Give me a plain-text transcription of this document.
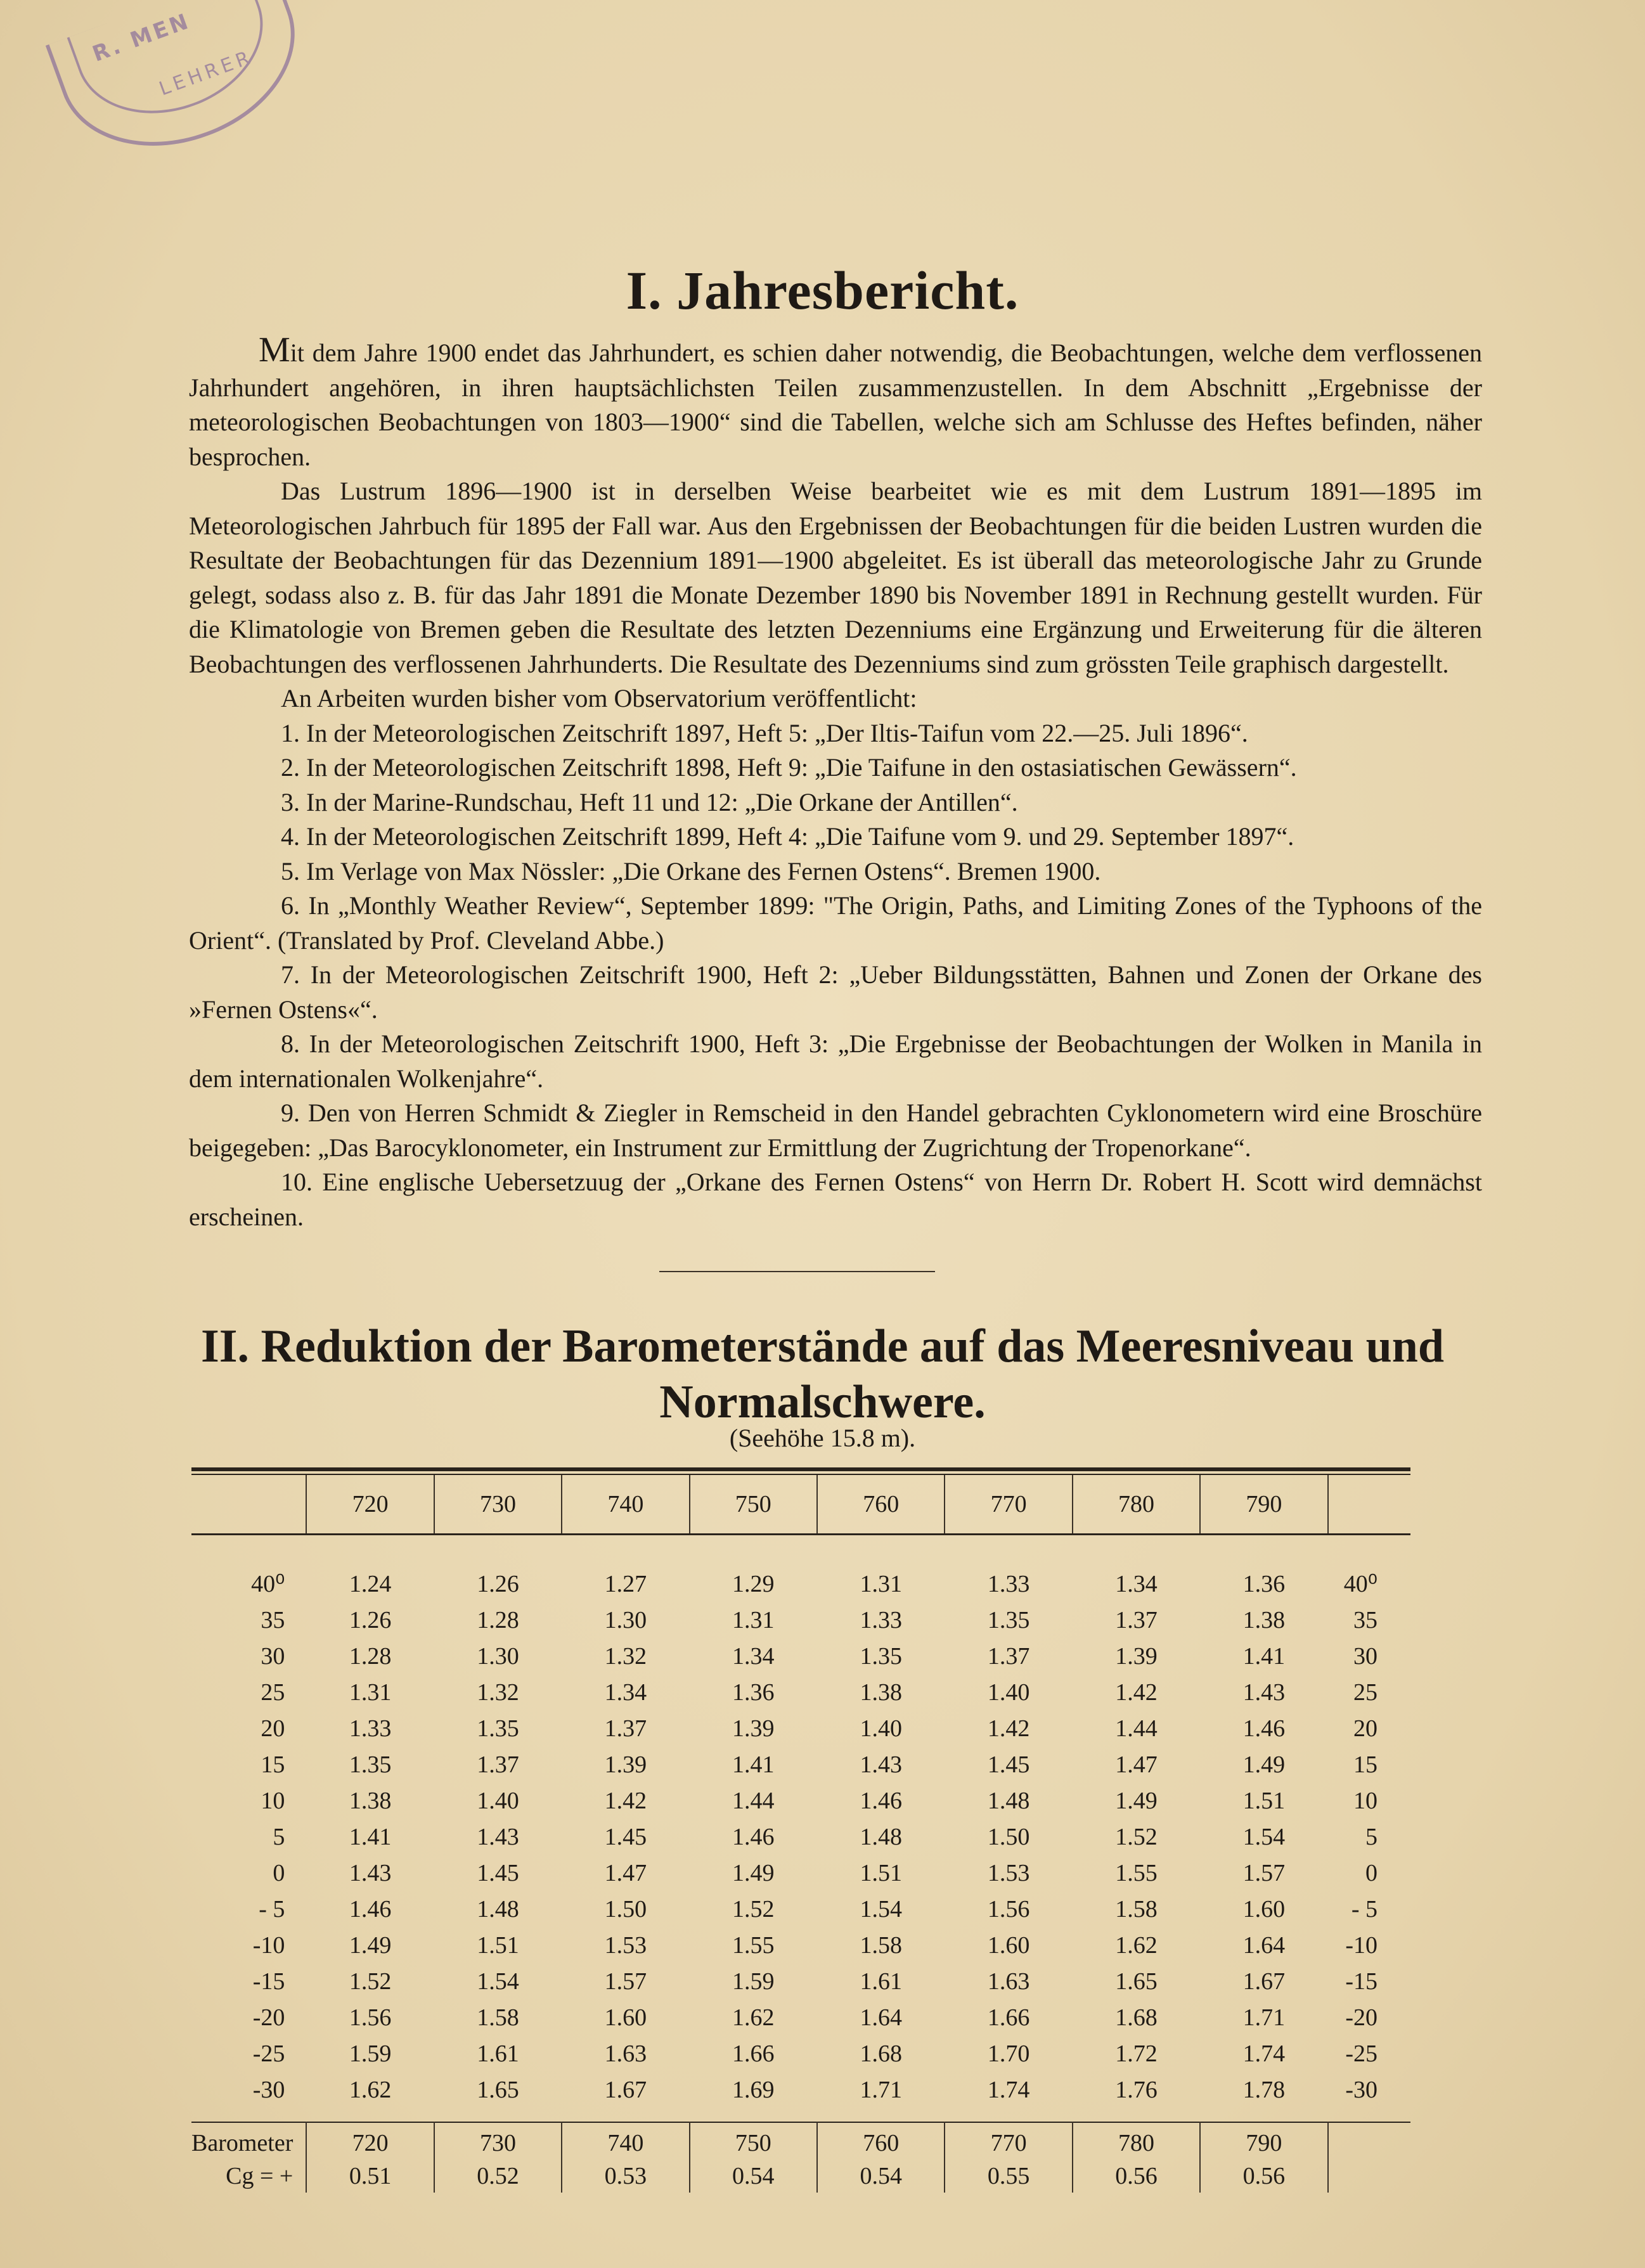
R. MEN
LEHRER
I. Jahresbericht.

Mit dem Jahre 1900 endet das Jahrhundert, es schien daher notwendig, die Beobachtungen, welche dem verflossenen Jahrhundert angehören, in ihren hauptsächlichsten Teilen zusammenzustellen. In dem Abschnitt „Ergebnisse der meteorologischen Beobachtungen von 1803—1900“ sind die Tabellen, welche sich am Schlusse des Heftes befinden, näher besprochen.

Das Lustrum 1896—1900 ist in derselben Weise bearbeitet wie es mit dem Lustrum 1891—1895 im Meteorologischen Jahrbuch für 1895 der Fall war. Aus den Ergebnissen der Beobachtungen für die beiden Lustren wurden die Resultate der Beobachtungen für das Dezennium 1891—1900 abgeleitet. Es ist überall das meteorologische Jahr zu Grunde gelegt, sodass also z. B. für das Jahr 1891 die Monate Dezember 1890 bis November 1891 in Rechnung gestellt wurden. Für die Klimatologie von Bremen geben die Resultate des letzten Dezenniums eine Ergänzung und Erweiterung für die älteren Beobachtungen des verflossenen Jahrhunderts. Die Resultate des Dezenniums sind zum grössten Teile graphisch dargestellt.

An Arbeiten wurden bisher vom Observatorium veröffentlicht:

1. In der Meteorologischen Zeitschrift 1897, Heft 5: „Der Iltis-Taifun vom 22.—25. Juli 1896“.

2. In der Meteorologischen Zeitschrift 1898, Heft 9: „Die Taifune in den ostasiatischen Gewässern“.

3. In der Marine-Rundschau, Heft 11 und 12: „Die Orkane der Antillen“.

4. In der Meteorologischen Zeitschrift 1899, Heft 4: „Die Taifune vom 9. und 29. September 1897“.

5. Im Verlage von Max Nössler: „Die Orkane des Fernen Ostens“. Bremen 1900.

6. In „Monthly Weather Review“, September 1899: "The Origin, Paths, and Limiting Zones of the Typhoons of the Orient“. (Translated by Prof. Cleveland Abbe.)

7. In der Meteorologischen Zeitschrift 1900, Heft 2: „Ueber Bildungsstätten, Bahnen und Zonen der Orkane des »Fernen Ostens«“.

8. In der Meteorologischen Zeitschrift 1900, Heft 3: „Die Ergebnisse der Beobachtungen der Wolken in Manila in dem internationalen Wolkenjahre“.

9. Den von Herren Schmidt & Ziegler in Remscheid in den Handel gebrachten Cyklonometern wird eine Broschüre beigegeben: „Das Barocyklonometer, ein Instrument zur Ermittlung der Zugrichtung der Tropenorkane“.

10. Eine englische Uebersetzuug der „Orkane des Fernen Ostens“ von Herrn Dr. Robert H. Scott wird demnächst erscheinen.

II. Reduktion der Barometerstände auf das Meeresniveau und
Normalschwere.
(Seehöhe 15.8 m).
	720	730	740	750	760	770	780	790	
40⁰	1.24	1.26	1.27	1.29	1.31	1.33	1.34	1.36	40⁰
35	1.26	1.28	1.30	1.31	1.33	1.35	1.37	1.38	35
30	1.28	1.30	1.32	1.34	1.35	1.37	1.39	1.41	30
25	1.31	1.32	1.34	1.36	1.38	1.40	1.42	1.43	25
20	1.33	1.35	1.37	1.39	1.40	1.42	1.44	1.46	20
15	1.35	1.37	1.39	1.41	1.43	1.45	1.47	1.49	15
10	1.38	1.40	1.42	1.44	1.46	1.48	1.49	1.51	10
5	1.41	1.43	1.45	1.46	1.48	1.50	1.52	1.54	5
0	1.43	1.45	1.47	1.49	1.51	1.53	1.55	1.57	0
- 5	1.46	1.48	1.50	1.52	1.54	1.56	1.58	1.60	- 5
-10	1.49	1.51	1.53	1.55	1.58	1.60	1.62	1.64	-10
-15	1.52	1.54	1.57	1.59	1.61	1.63	1.65	1.67	-15
-20	1.56	1.58	1.60	1.62	1.64	1.66	1.68	1.71	-20
-25	1.59	1.61	1.63	1.66	1.68	1.70	1.72	1.74	-25
-30	1.62	1.65	1.67	1.69	1.71	1.74	1.76	1.78	-30
Barometer	720	730	740	750	760	770	780	790	
Cg = +	0.51	0.52	0.53	0.54	0.54	0.55	0.56	0.56	
